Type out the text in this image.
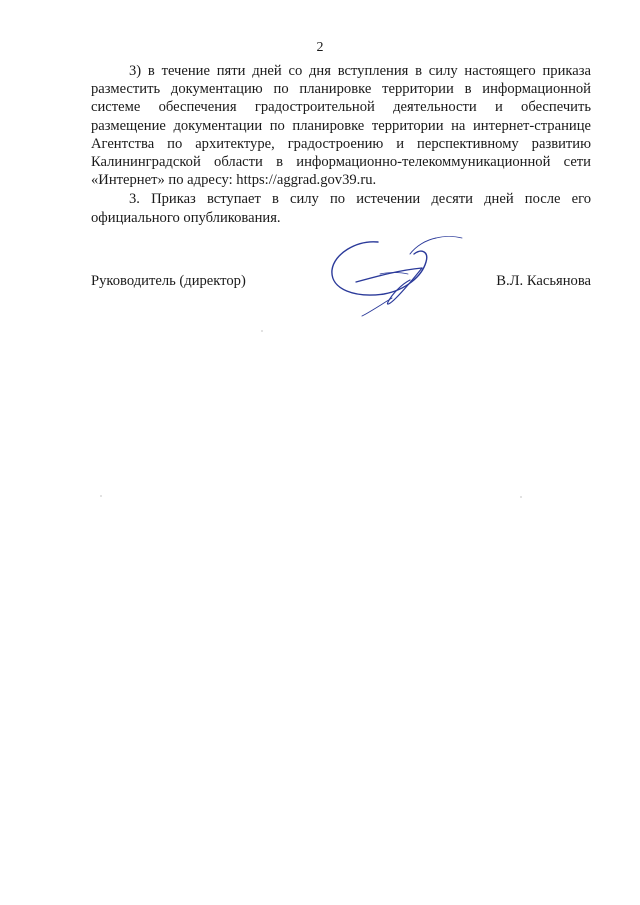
2

3) в течение пяти дней со дня вступления в силу настоящего приказа разместить документацию по планировке территории в информационной системе обеспечения градостроительной деятельности и обеспечить размещение документации по планировке территории на интернет-странице Агентства по архитектуре, градостроению и перспективному развитию Калининградской области в информационно-телекоммуникационной сети «Интернет» по адресу: https://aggrad.gov39.ru.

3. Приказ вступает в силу по истечении десяти дней после его официального опубликования.

Руководитель (директор)	В.Л. Касьянова
